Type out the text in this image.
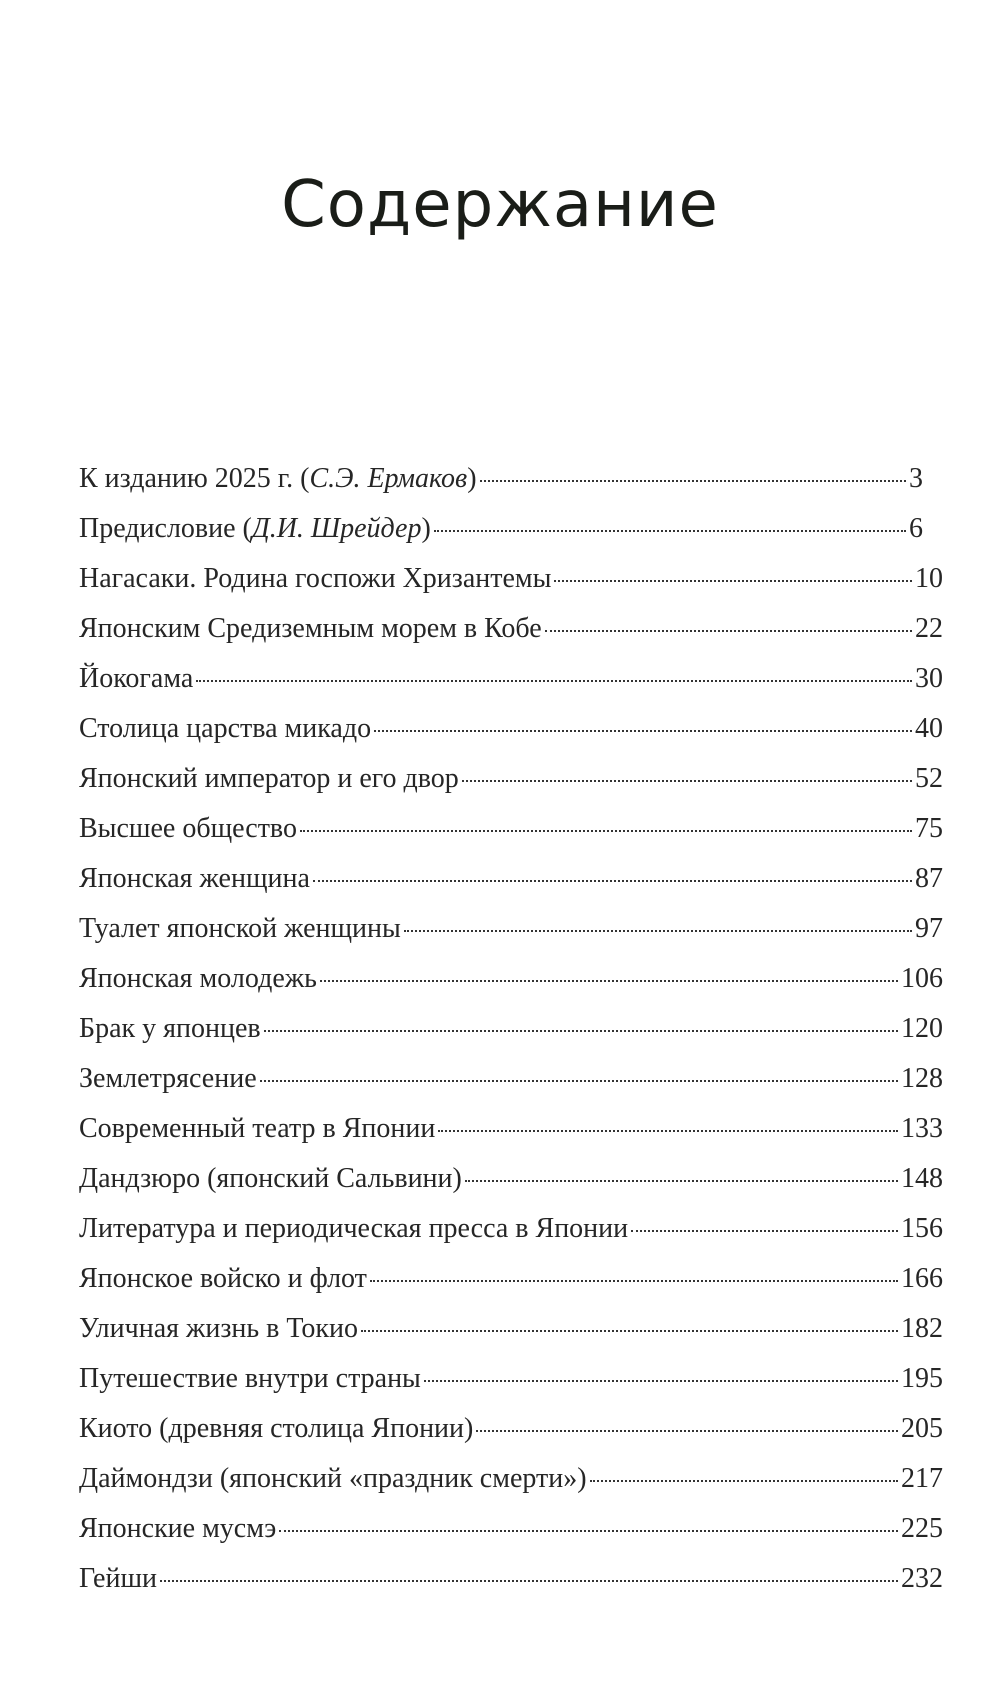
Содержание
К изданию 2025 г. (С.Э. Ермаков)	3
Предисловие (Д.И. Шрейдер)	6
Нагасаки. Родина госпожи Хризантемы	10
Японским Средиземным морем в Кобе	22
Йокогама	30
Столица царства микадо	40
Японский император и его двор	52
Высшее общество	75
Японская женщина	87
Туалет японской женщины	97
Японская молодежь	106
Брак у японцев	120
Землетрясение	128
Современный театр в Японии	133
Дандзюро (японский Сальвини)	148
Литература и периодическая пресса в Японии	156
Японское войско и флот	166
Уличная жизнь в Токио	182
Путешествие внутри страны	195
Киото (древняя столица Японии)	205
Даймондзи (японский «праздник смерти»)	217
Японские мусмэ	225
Гейши	232
